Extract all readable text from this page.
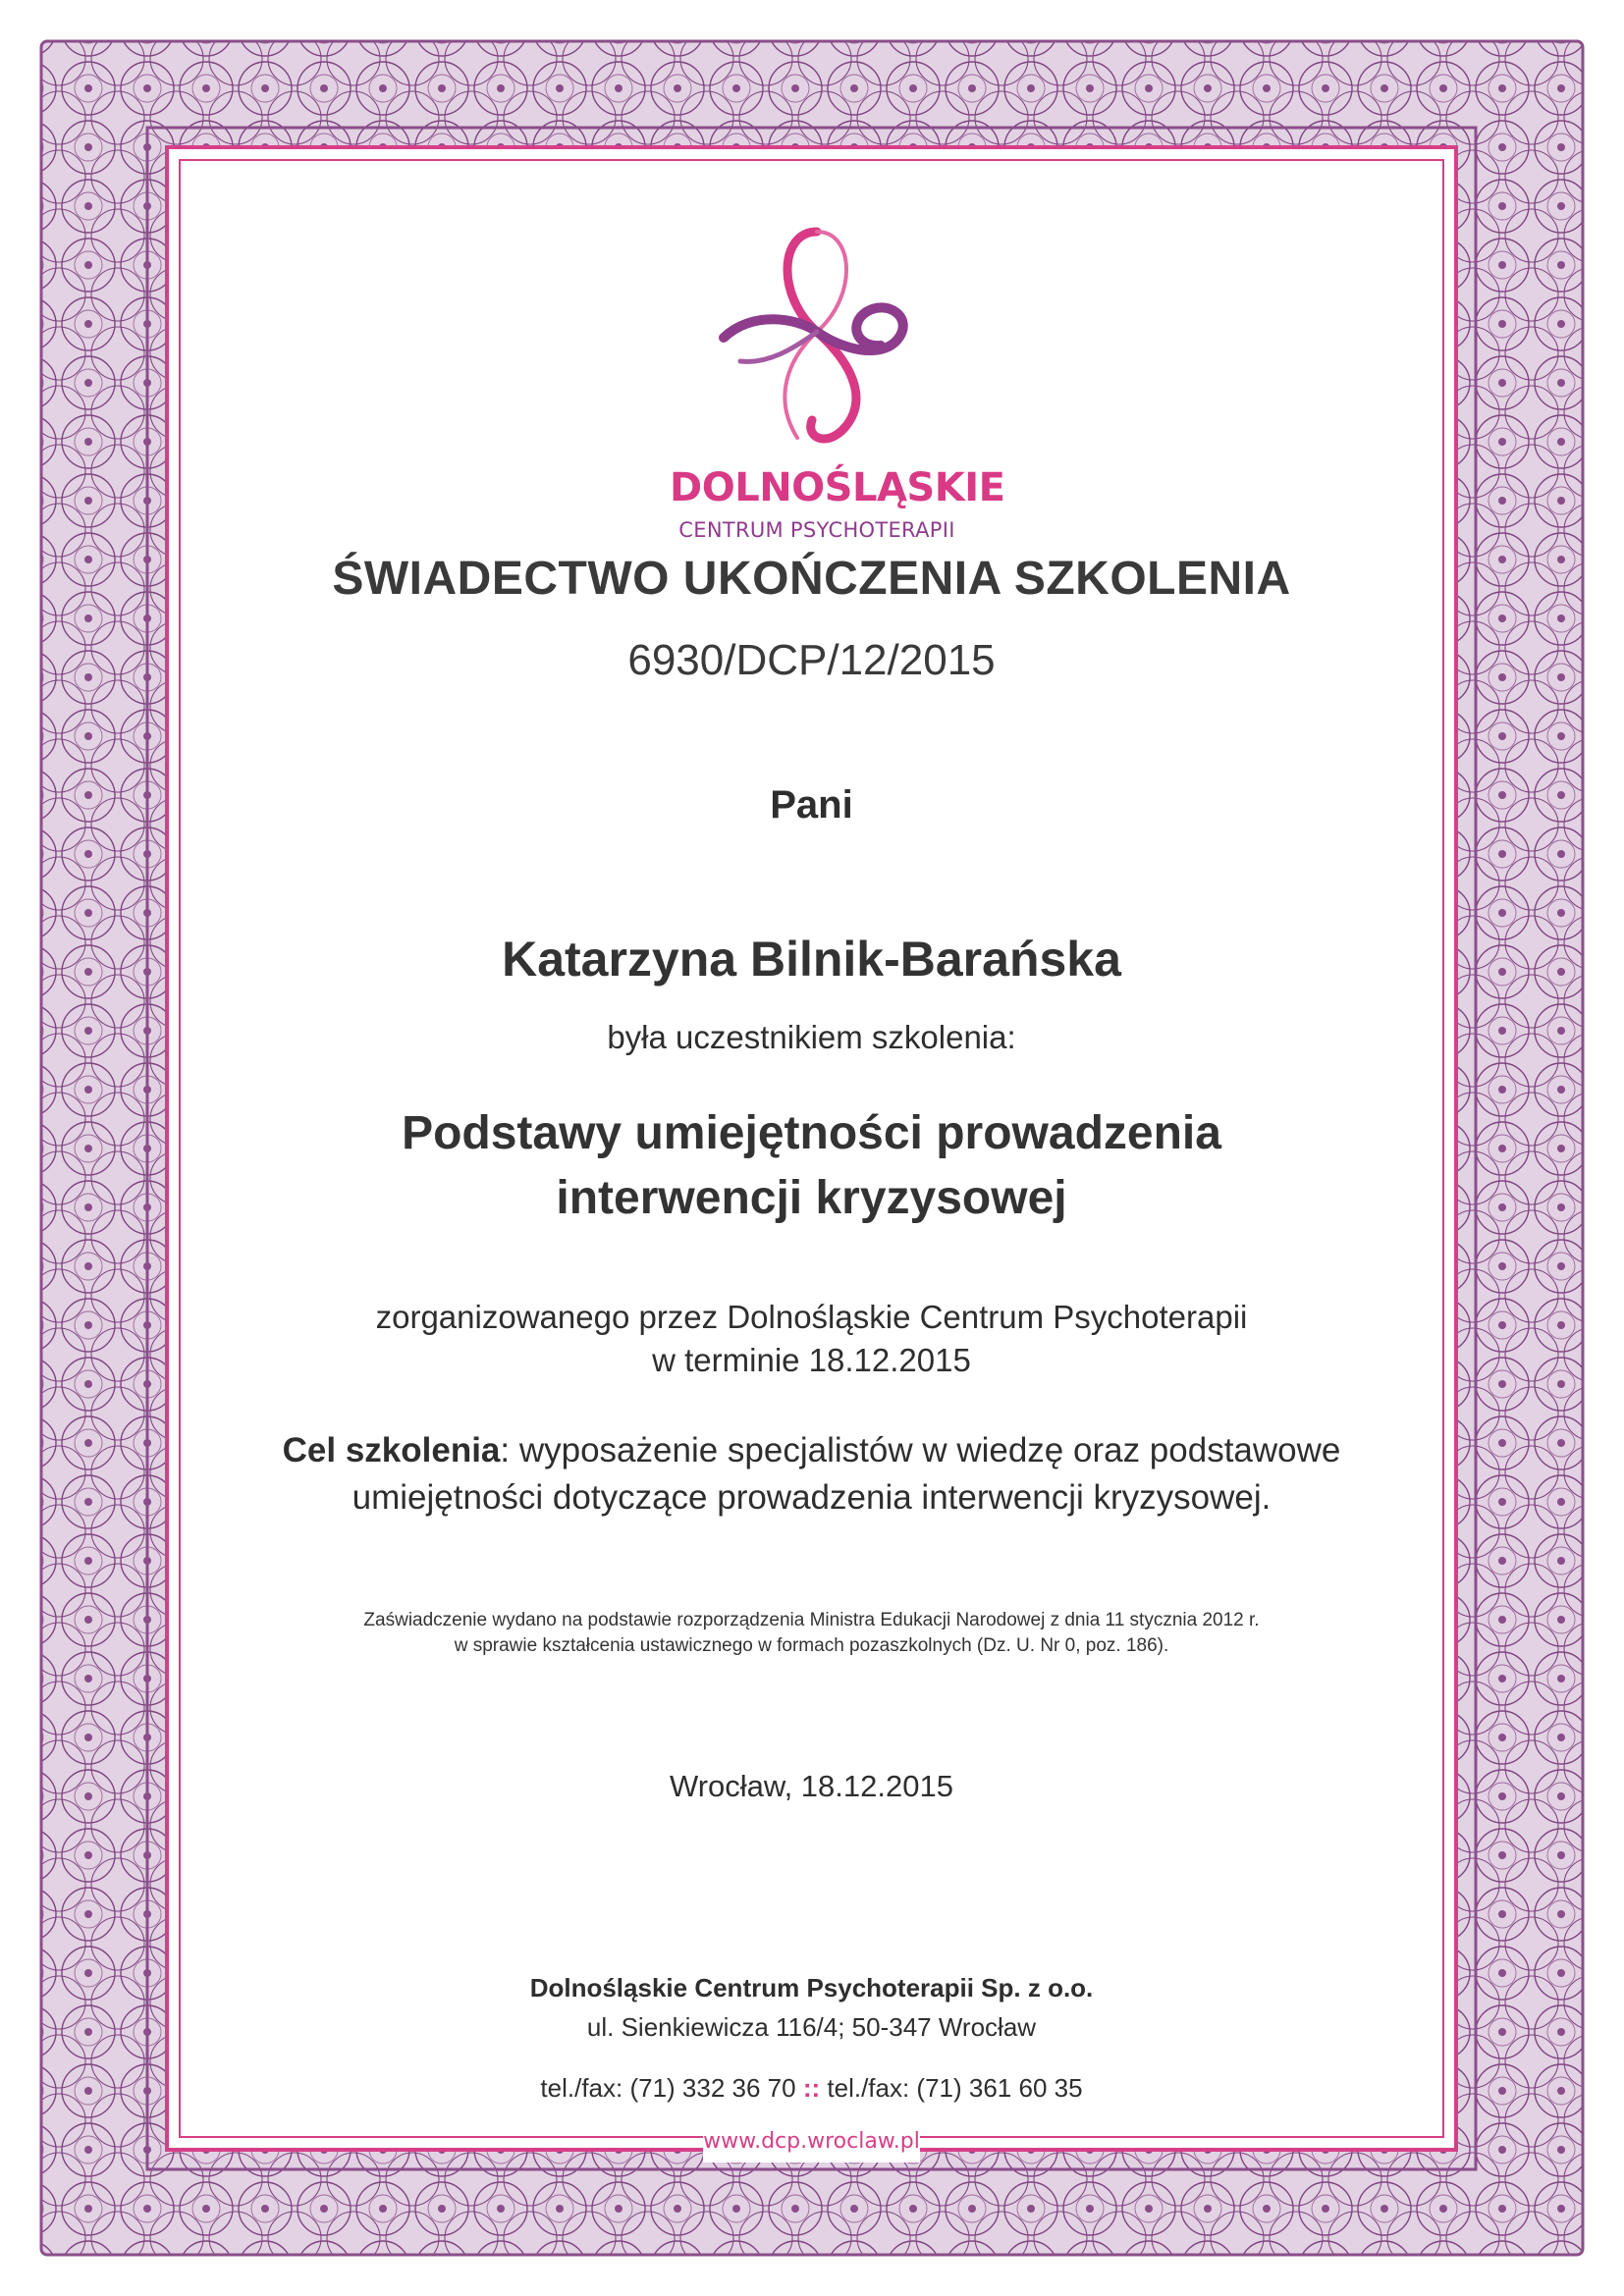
DOLNOŚLĄSKIE
CENTRUM PSYCHOTERAPII
ŚWIADECTWO UKOŃCZENIA SZKOLENIA
6930/DCP/12/2015
Pani
Katarzyna Bilnik-Barańska
była uczestnikiem szkolenia:
Podstawy umiejętności prowadzenia
interwencji kryzysowej
zorganizowanego przez Dolnośląskie Centrum Psychoterapii
w terminie 18.12.2015
Cel szkolenia: wyposażenie specjalistów w wiedzę oraz podstawowe
umiejętności dotyczące prowadzenia interwencji kryzysowej.
Zaświadczenie wydano na podstawie rozporządzenia Ministra Edukacji Narodowej z dnia 11 stycznia 2012 r.
w sprawie kształcenia ustawicznego w formach pozaszkolnych (Dz. U. Nr 0, poz. 186).
Wrocław, 18.12.2015
Dolnośląskie Centrum Psychoterapii Sp. z o.o.
ul. Sienkiewicza 116/4; 50-347 Wrocław
tel./fax: (71) 332 36 70 :: tel./fax: (71) 361 60 35
www.dcp.wroclaw.pl
